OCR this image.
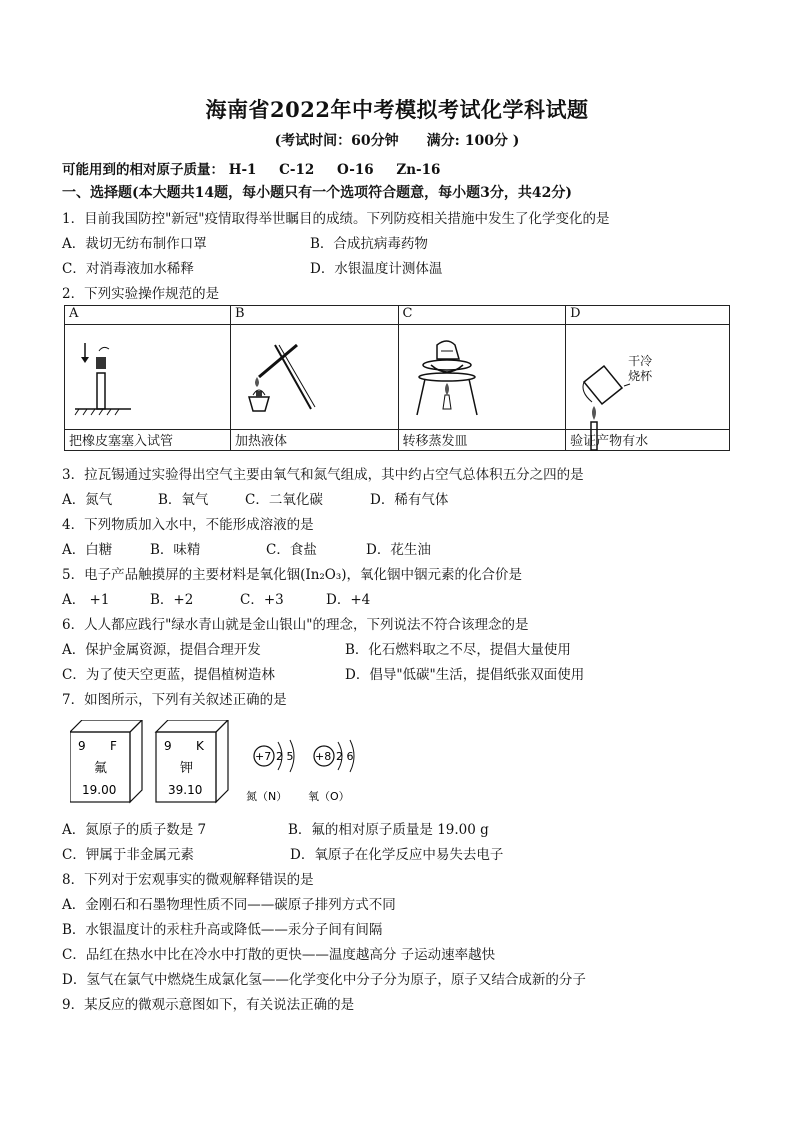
海南省2022年中考模拟考试化学科试题
(考试时间：60分钟 满分: 100分 )
可能用到的相对原子质量： H-1 C-12 O-16 Zn-16
一、选择题(本大题共14题，每小题只有一个选项符合题意，每小题3分，共42分)
1．目前我国防控"新冠"疫情取得举世瞩目的成绩。下列防疫相关措施中发生了化学变化的是
A．裁切无纺布制作口罩	B．合成抗病毒药物
C．对消毒液加水稀释	D．水银温度计测体温
2．下列实验操作规范的是
A	B	C	D

干冷
烧杯

把橡皮塞塞入试管	加热液体	转移蒸发皿	验证产物有水
3．拉瓦锡通过实验得出空气主要由氧气和氮气组成，其中约占空气总体积五分之四的是
A．氮气	B．氧气	C．二氧化碳	D．稀有气体
4．下列物质加入水中，不能形成溶液的是
A．白糖	B．味精	C．食盐	D．花生油
5．电子产品触摸屏的主要材料是氧化铟(In₂O₃)，氧化铟中铟元素的化合价是
A． +1	B．+2	C．+3	D．+4
6．人人都应践行"绿水青山就是金山银山"的理念，下列说法不符合该理念的是
A．保护金属资源，提倡合理开发	B．化石燃料取之不尽，提倡大量使用
C．为了使天空更蓝，提倡植树造林	D．倡导"低碳"生活，提倡纸张双面使用
7．如图所示，下列有关叙述正确的是
9 F
氟
19.00
9 K
钾
39.10
+7 2 5
氮（N）
+8 2 6
氧（O）
A．氮原子的质子数是 7	B．氟的相对原子质量是 19.00 g
C．钾属于非金属元素	D．氧原子在化学反应中易失去电子
8．下列对于宏观事实的微观解释错误的是
A．金刚石和石墨物理性质不同——碳原子排列方式不同
B．水银温度计的汞柱升高或降低——汞分子间有间隔
C．品红在热水中比在冷水中打散的更快——温度越高分 子运动速率越快
D．氢气在氯气中燃烧生成氯化氢——化学变化中分子分为原子，原子又结合成新的分子
9．某反应的微观示意图如下，有关说法正确的是
